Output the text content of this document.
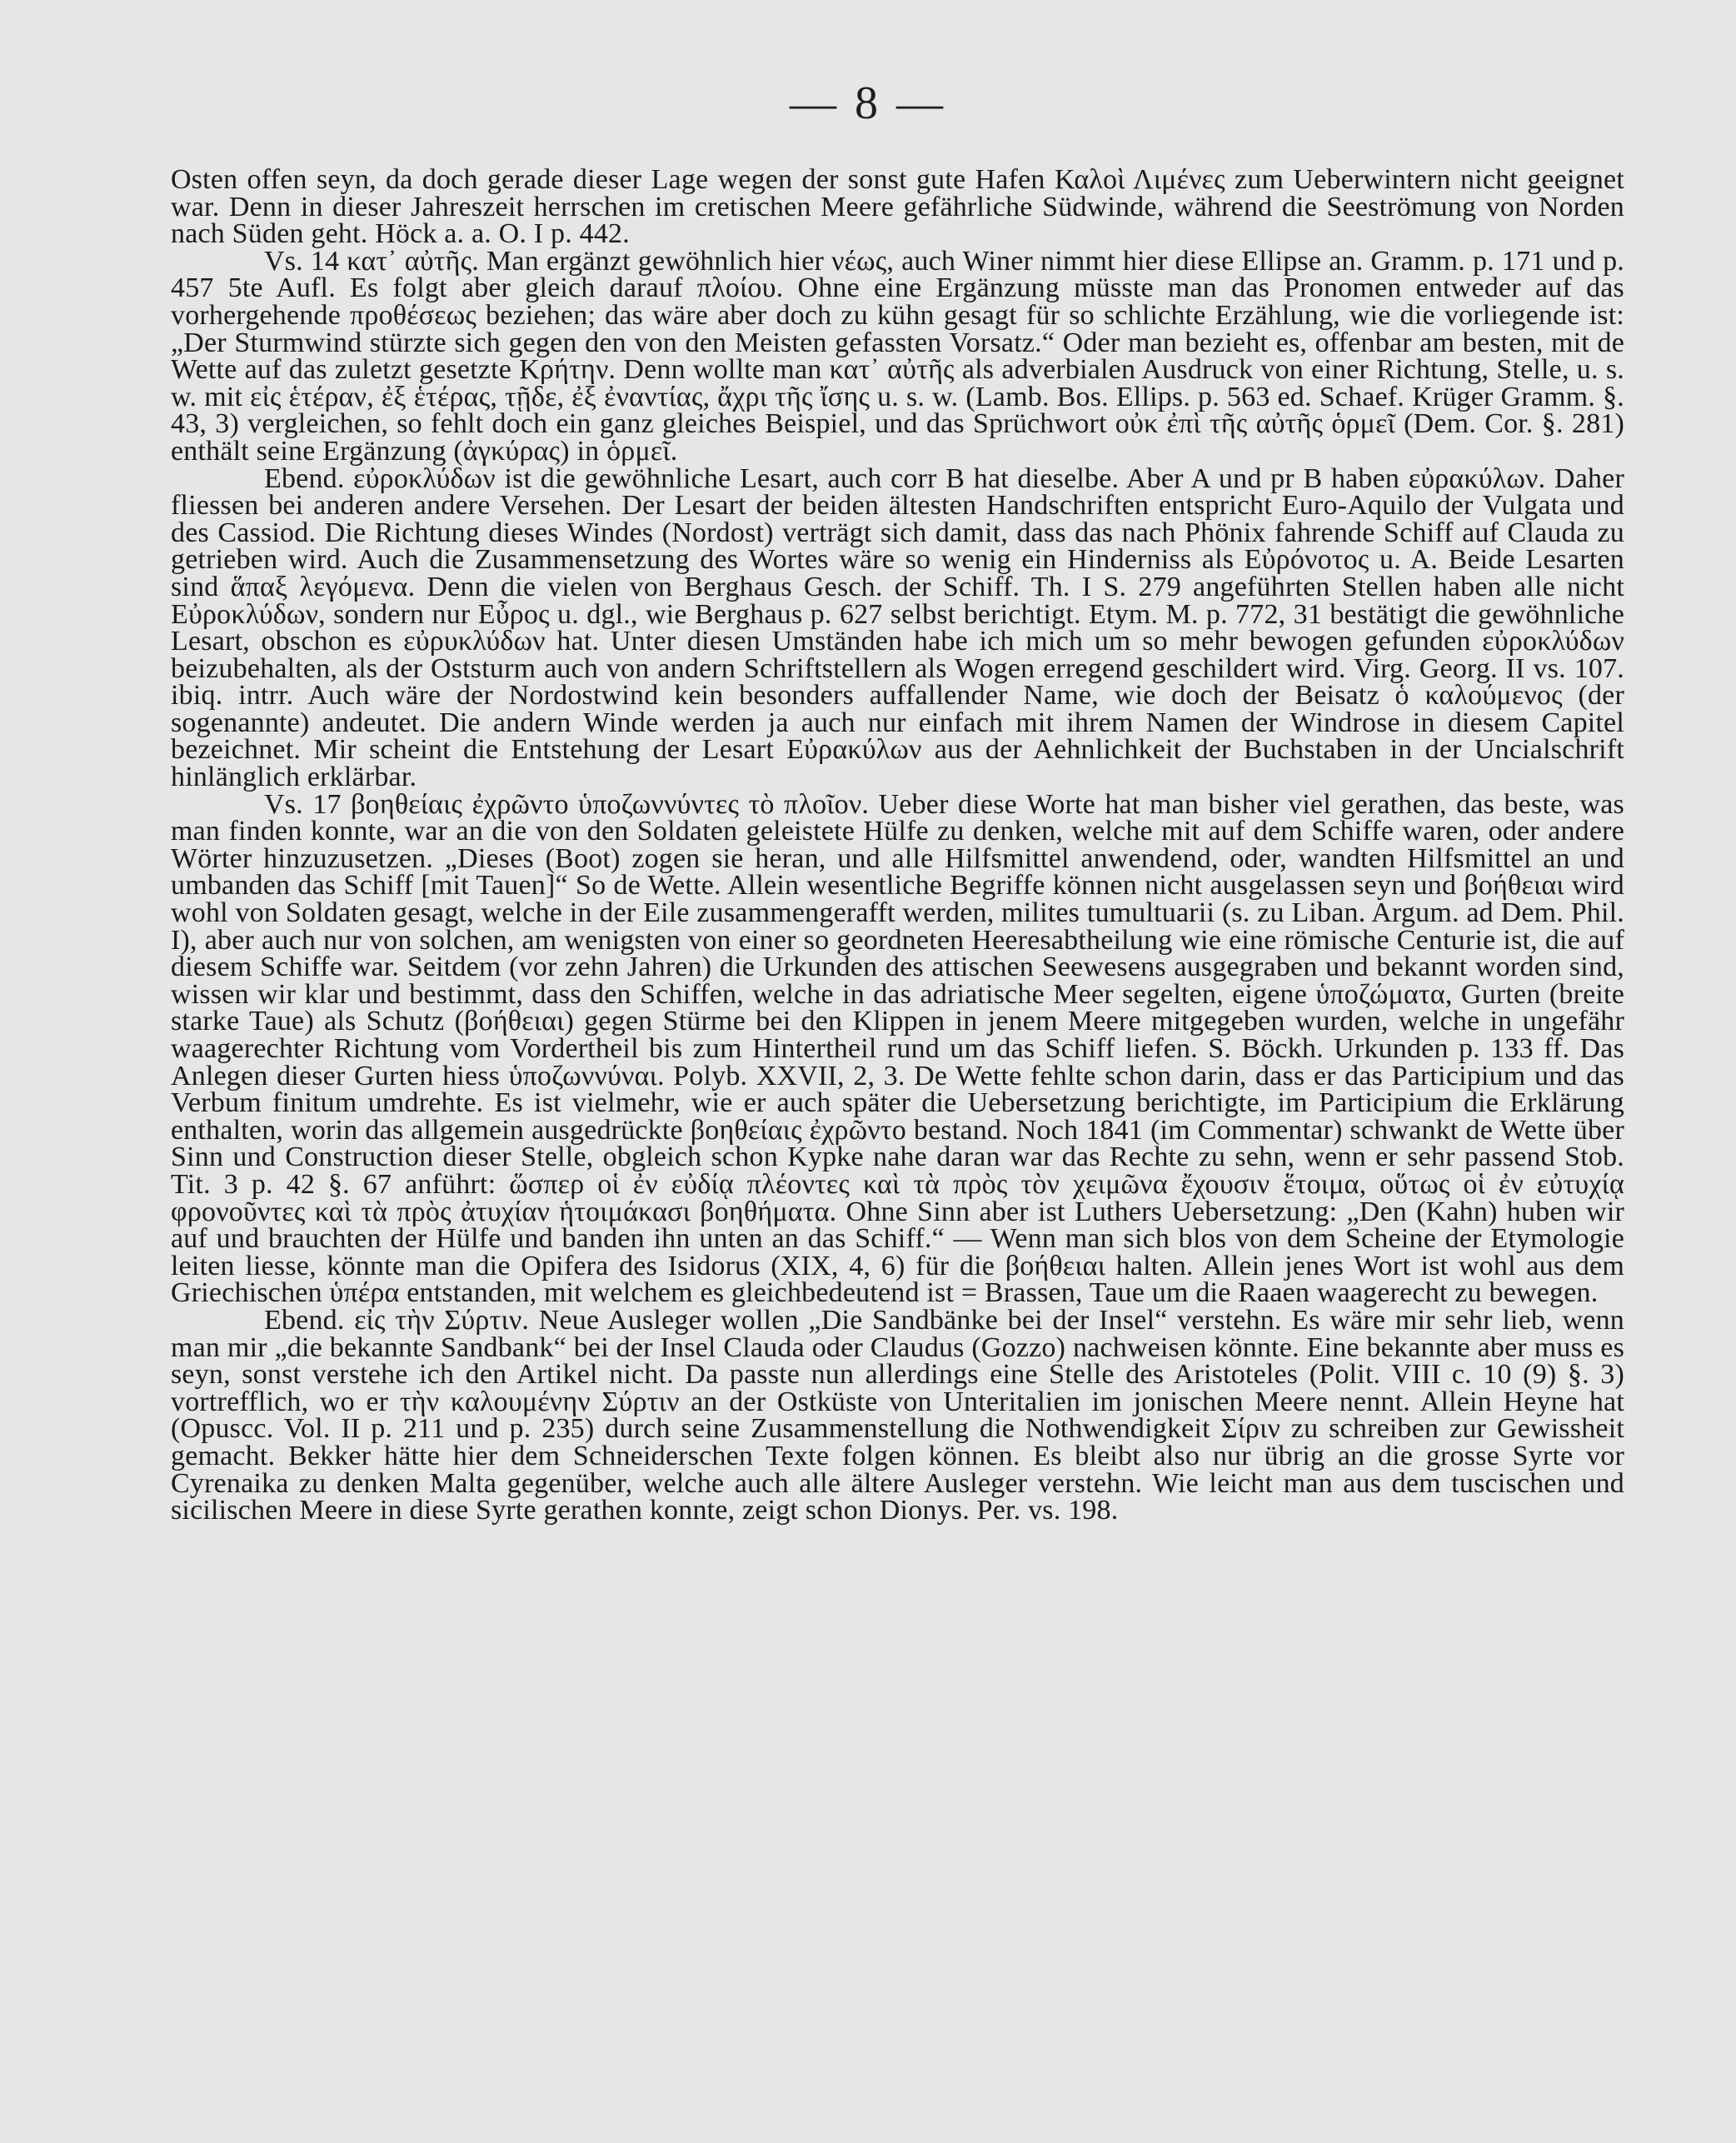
— 8 —

Osten offen seyn, da doch gerade dieser Lage wegen der sonst gute Hafen Καλοὶ Λιμένες zum Ueberwintern nicht geeignet war. Denn in dieser Jahreszeit herrschen im cretischen Meere gefährliche Südwinde, während die Seeströmung von Norden nach Süden geht. Höck a. a. O. I p. 442.

Vs. 14 κατ᾽ αὐτῆς. Man ergänzt gewöhnlich hier νέως, auch Winer nimmt hier diese Ellipse an. Gramm. p. 171 und p. 457 5te Aufl. Es folgt aber gleich darauf πλοίου. Ohne eine Ergänzung müsste man das Pronomen entweder auf das vorhergehende προθέσεως beziehen; das wäre aber doch zu kühn gesagt für so schlichte Erzählung, wie die vorliegende ist: „Der Sturmwind stürzte sich gegen den von den Meisten gefassten Vorsatz.“ Oder man bezieht es, offenbar am besten, mit de Wette auf das zuletzt gesetzte Κρήτην. Denn wollte man κατ᾽ αὐτῆς als adverbialen Ausdruck von einer Richtung, Stelle, u. s. w. mit εἰς ἑτέραν, ἐξ ἑτέρας, τῇδε, ἐξ ἐναντίας, ἄχρι τῆς ἴσης u. s. w. (Lamb. Bos. Ellips. p. 563 ed. Schaef. Krüger Gramm. §. 43, 3) vergleichen, so fehlt doch ein ganz gleiches Beispiel, und das Sprüchwort οὐκ ἐπὶ τῆς αὐτῆς ὁρμεῖ (Dem. Cor. §. 281) enthält seine Ergänzung (ἀγκύρας) in ὁρμεῖ.

Ebend. εὐροκλύδων ist die gewöhnliche Lesart, auch corr B hat dieselbe. Aber A und pr B haben εὐρακύλων. Daher fliessen bei anderen andere Versehen. Der Lesart der beiden ältesten Handschriften entspricht Euro-Aquilo der Vulgata und des Cassiod. Die Richtung dieses Windes (Nordost) verträgt sich damit, dass das nach Phönix fahrende Schiff auf Clauda zu getrieben wird. Auch die Zusammensetzung des Wortes wäre so wenig ein Hinderniss als Εὐρόνοτος u. A. Beide Lesarten sind ἅπαξ λεγόμενα. Denn die vielen von Berghaus Gesch. der Schiff. Th. I S. 279 angeführten Stellen haben alle nicht Εὐροκλύδων, sondern nur Εὖρος u. dgl., wie Berghaus p. 627 selbst berichtigt. Etym. M. p. 772, 31 bestätigt die gewöhnliche Lesart, obschon es εὐρυκλύδων hat. Unter diesen Umständen habe ich mich um so mehr bewogen gefunden εὐροκλύδων beizubehalten, als der Oststurm auch von andern Schriftstellern als Wogen erregend geschildert wird. Virg. Georg. II vs. 107. ibiq. intrr. Auch wäre der Nordostwind kein besonders auffallender Name, wie doch der Beisatz ὁ καλούμενος (der sogenannte) andeutet. Die andern Winde werden ja auch nur einfach mit ihrem Namen der Windrose in diesem Capitel bezeichnet. Mir scheint die Entstehung der Lesart Εὐρακύλων aus der Aehnlichkeit der Buchstaben in der Uncialschrift hinlänglich erklärbar.

Vs. 17 βοηθείαις ἐχρῶντο ὑποζωννύντες τὸ πλοῖον. Ueber diese Worte hat man bisher viel gerathen, das beste, was man finden konnte, war an die von den Soldaten geleistete Hülfe zu denken, welche mit auf dem Schiffe waren, oder andere Wörter hinzuzusetzen. „Dieses (Boot) zogen sie heran, und alle Hilfsmittel anwendend, oder, wandten Hilfsmittel an und umbanden das Schiff [mit Tauen]“ So de Wette. Allein wesentliche Begriffe können nicht ausgelassen seyn und βοήθειαι wird wohl von Soldaten gesagt, welche in der Eile zusammengerafft werden, milites tumultuarii (s. zu Liban. Argum. ad Dem. Phil. I), aber auch nur von solchen, am wenigsten von einer so geordneten Heeresabtheilung wie eine römische Centurie ist, die auf diesem Schiffe war. Seitdem (vor zehn Jahren) die Urkunden des attischen Seewesens ausgegraben und bekannt worden sind, wissen wir klar und bestimmt, dass den Schiffen, welche in das adriatische Meer segelten, eigene ὑποζώματα, Gurten (breite starke Taue) als Schutz (βοήθειαι) gegen Stürme bei den Klippen in jenem Meere mitgegeben wurden, welche in ungefähr waagerechter Richtung vom Vordertheil bis zum Hintertheil rund um das Schiff liefen. S. Böckh. Urkunden p. 133 ff. Das Anlegen dieser Gurten hiess ὑποζωννύναι. Polyb. XXVII, 2, 3. De Wette fehlte schon darin, dass er das Participium und das Verbum finitum umdrehte. Es ist vielmehr, wie er auch später die Uebersetzung berichtigte, im Participium die Erklärung enthalten, worin das allgemein ausgedrückte βοηθείαις ἐχρῶντο bestand. Noch 1841 (im Commentar) schwankt de Wette über Sinn und Construction dieser Stelle, obgleich schon Kypke nahe daran war das Rechte zu sehn, wenn er sehr passend Stob. Tit. 3 p. 42 §. 67 anführt: ὥσπερ οἱ ἐν εὐδίᾳ πλέοντες καὶ τὰ πρὸς τὸν χειμῶνα ἔχουσιν ἕτοιμα, οὕτως οἱ ἐν εὐτυχίᾳ φρονοῦντες καὶ τὰ πρὸς ἀτυχίαν ἡτοιμάκασι βοηθήματα. Ohne Sinn aber ist Luthers Uebersetzung: „Den (Kahn) huben wir auf und brauchten der Hülfe und banden ihn unten an das Schiff.“ — Wenn man sich blos von dem Scheine der Etymologie leiten liesse, könnte man die Opifera des Isidorus (XIX, 4, 6) für die βοήθειαι halten. Allein jenes Wort ist wohl aus dem Griechischen ὑπέρα entstanden, mit welchem es gleichbedeutend ist = Brassen, Taue um die Raaen waagerecht zu bewegen.

Ebend. εἰς τὴν Σύρτιν. Neue Ausleger wollen „Die Sandbänke bei der Insel“ verstehn. Es wäre mir sehr lieb, wenn man mir „die bekannte Sandbank“ bei der Insel Clauda oder Claudus (Gozzo) nachweisen könnte. Eine bekannte aber muss es seyn, sonst verstehe ich den Artikel nicht. Da passte nun allerdings eine Stelle des Aristoteles (Polit. VIII c. 10 (9) §. 3) vortrefflich, wo er τὴν καλουμένην Σύρτιν an der Ostküste von Unteritalien im jonischen Meere nennt. Allein Heyne hat (Opuscc. Vol. II p. 211 und p. 235) durch seine Zusammenstellung die Nothwendigkeit Σίριν zu schreiben zur Gewissheit gemacht. Bekker hätte hier dem Schneiderschen Texte folgen können. Es bleibt also nur übrig an die grosse Syrte vor Cyrenaika zu denken Malta gegenüber, welche auch alle ältere Ausleger verstehn. Wie leicht man aus dem tuscischen und sicilischen Meere in diese Syrte gerathen konnte, zeigt schon Dionys. Per. vs. 198.
